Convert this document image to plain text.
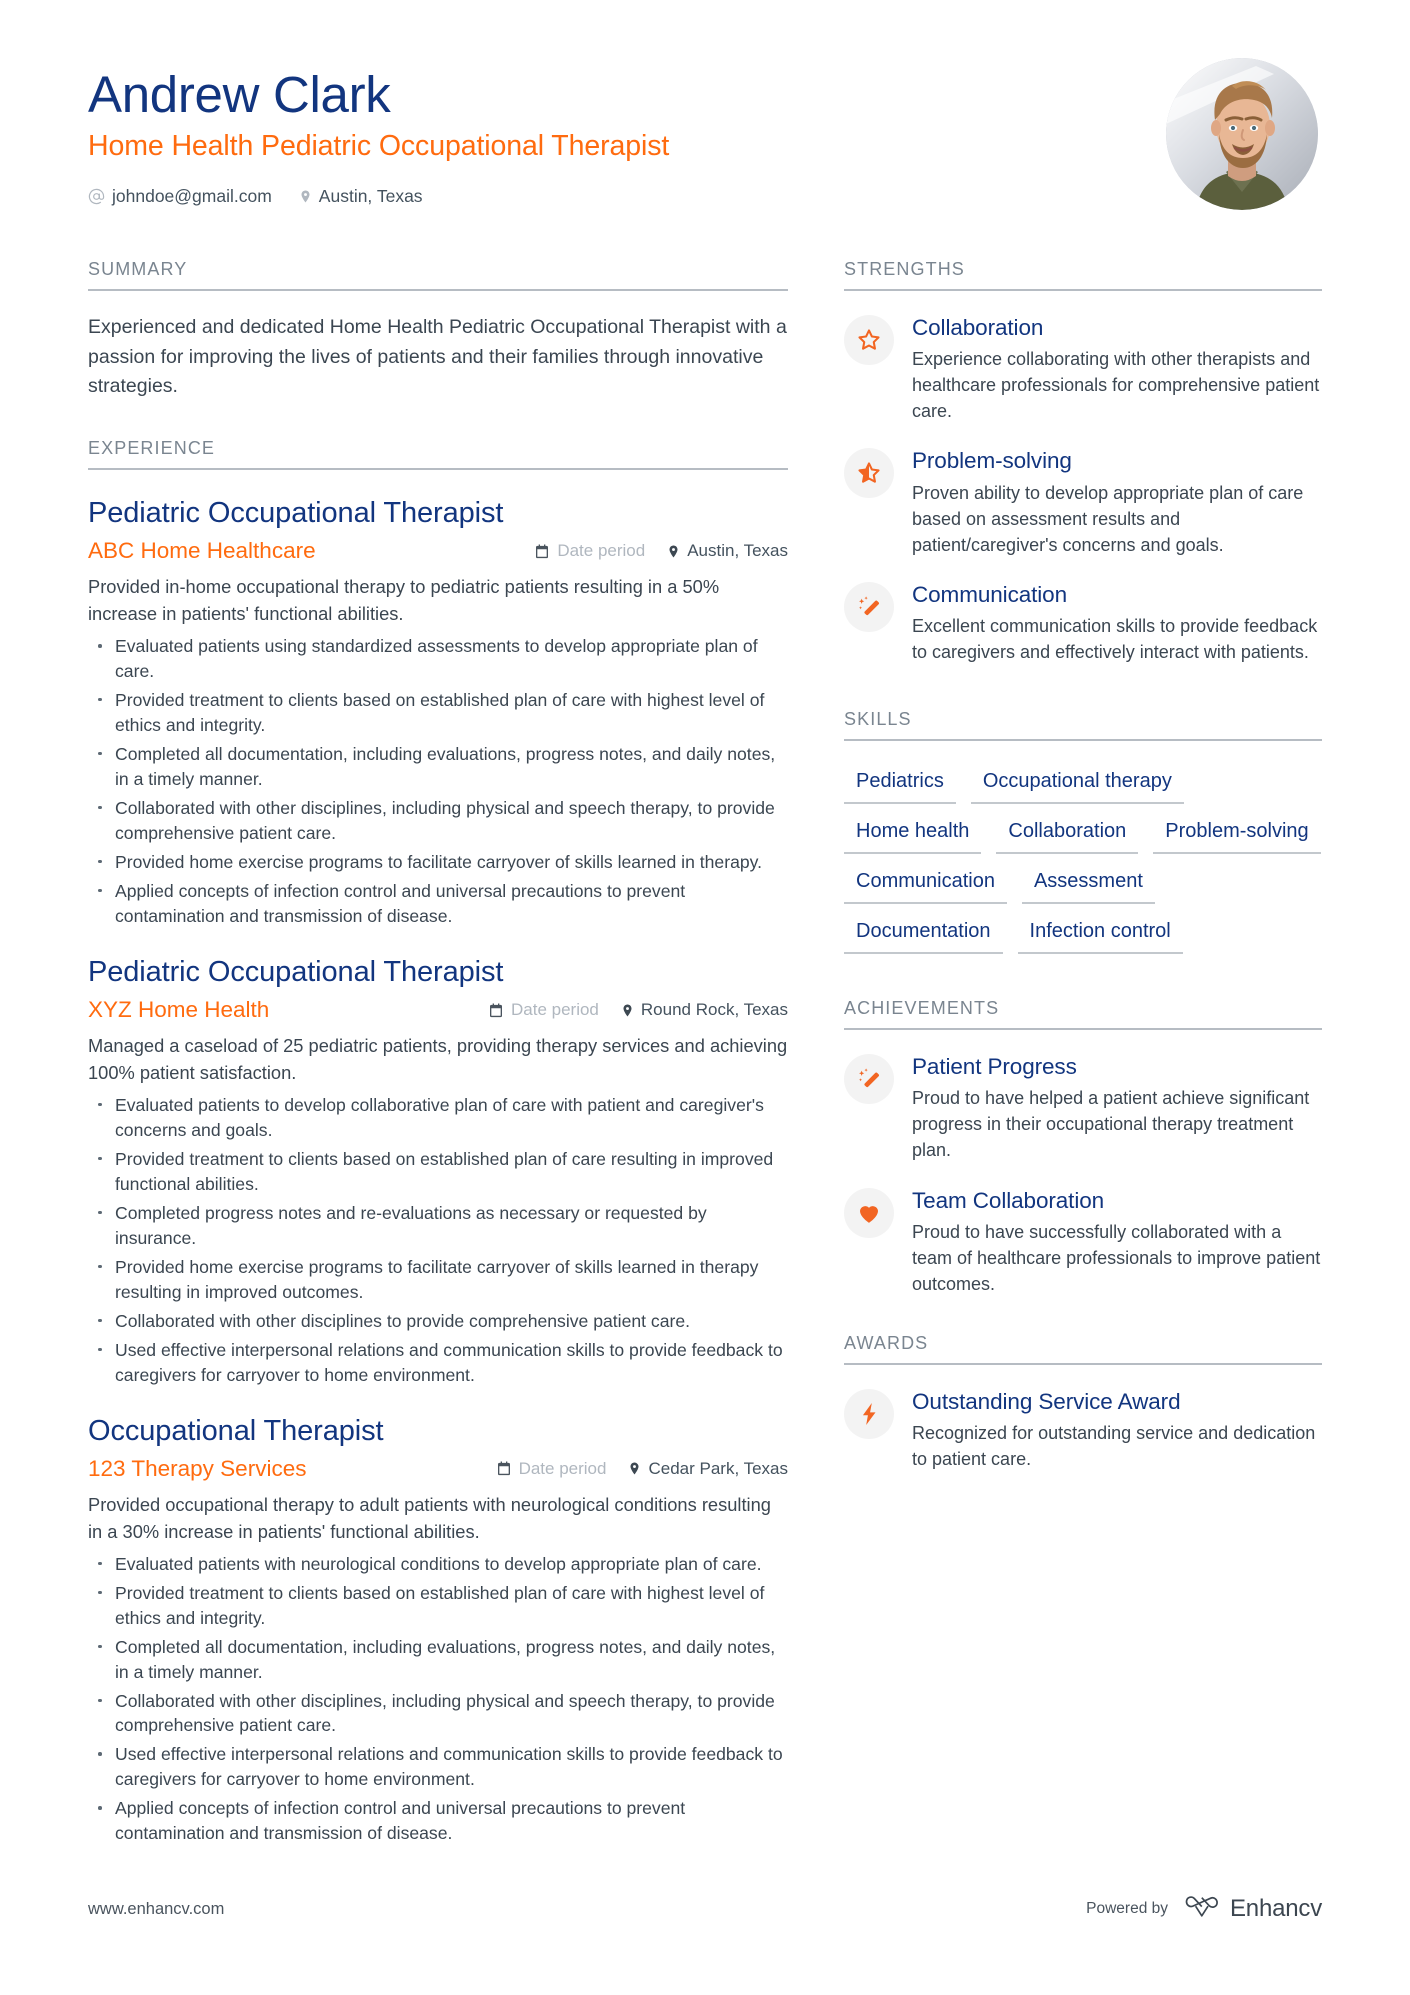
Andrew Clark
Home Health Pediatric Occupational Therapist
johndoe@gmail.com	Austin, Texas
SUMMARY
Experienced and dedicated Home Health Pediatric Occupational Therapist with a passion for improving the lives of patients and their families through innovative strategies.
EXPERIENCE
Pediatric Occupational Therapist
ABC Home Healthcare	Date period Austin, Texas
Provided in-home occupational therapy to pediatric patients resulting in a 50% increase in patients' functional abilities.
Evaluated patients using standardized assessments to develop appropriate plan of care.
Provided treatment to clients based on established plan of care with highest level of ethics and integrity.
Completed all documentation, including evaluations, progress notes, and daily notes, in a timely manner.
Collaborated with other disciplines, including physical and speech therapy, to provide comprehensive patient care.
Provided home exercise programs to facilitate carryover of skills learned in therapy.
Applied concepts of infection control and universal precautions to prevent contamination and transmission of disease.
Pediatric Occupational Therapist
XYZ Home Health	Date period Round Rock, Texas
Managed a caseload of 25 pediatric patients, providing therapy services and achieving 100% patient satisfaction.
Evaluated patients to develop collaborative plan of care with patient and caregiver's concerns and goals.
Provided treatment to clients based on established plan of care resulting in improved functional abilities.
Completed progress notes and re-evaluations as necessary or requested by insurance.
Provided home exercise programs to facilitate carryover of skills learned in therapy resulting in improved outcomes.
Collaborated with other disciplines to provide comprehensive patient care.
Used effective interpersonal relations and communication skills to provide feedback to caregivers for carryover to home environment.
Occupational Therapist
123 Therapy Services	Date period Cedar Park, Texas
Provided occupational therapy to adult patients with neurological conditions resulting in a 30% increase in patients' functional abilities.
Evaluated patients with neurological conditions to develop appropriate plan of care.
Provided treatment to clients based on established plan of care with highest level of ethics and integrity.
Completed all documentation, including evaluations, progress notes, and daily notes, in a timely manner.
Collaborated with other disciplines, including physical and speech therapy, to provide comprehensive patient care.
Used effective interpersonal relations and communication skills to provide feedback to caregivers for carryover to home environment.
Applied concepts of infection control and universal precautions to prevent contamination and transmission of disease.
STRENGTHS
Collaboration
Experience collaborating with other therapists and healthcare professionals for comprehensive patient care.
Problem-solving
Proven ability to develop appropriate plan of care based on assessment results and patient/caregiver's concerns and goals.
Communication
Excellent communication skills to provide feedback to caregivers and effectively interact with patients.
SKILLS
Pediatrics	Occupational therapy
Home health	Collaboration	Problem-solving
Communication	Assessment
Documentation	Infection control
ACHIEVEMENTS
Patient Progress
Proud to have helped a patient achieve significant progress in their occupational therapy treatment plan.
Team Collaboration
Proud to have successfully collaborated with a team of healthcare professionals to improve patient outcomes.
AWARDS
Outstanding Service Award
Recognized for outstanding service and dedication to patient care.
www.enhancv.com	Powered by	Enhancv
